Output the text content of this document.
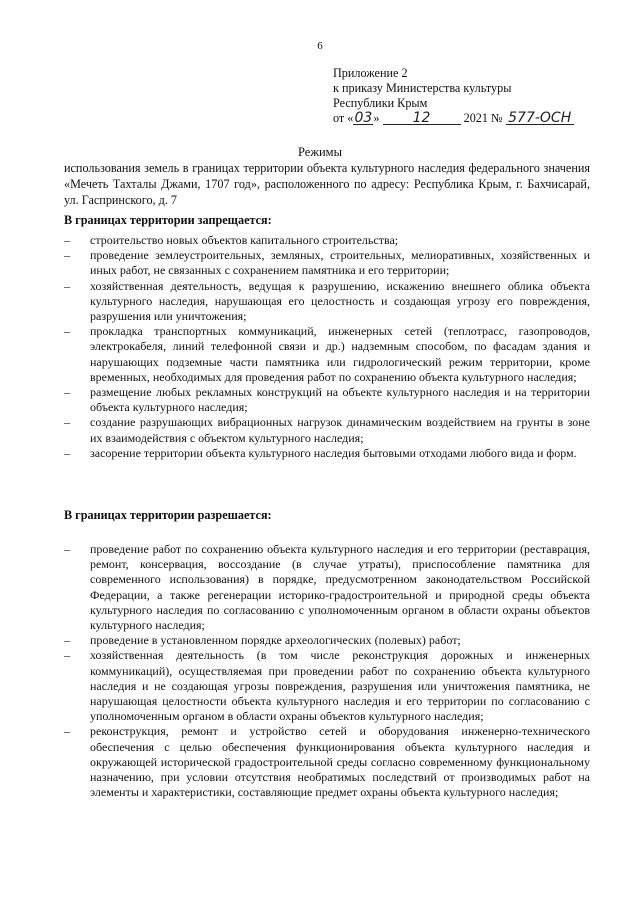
6
Приложение 2
к приказу Министерства культуры
Республики Крым
от «03» 12	2021 № 577-ОСН
Режимы
использования земель в границах территории объекта культурного наследия федерального значения «Мечеть Тахталы Джами, 1707 год», расположенного по адресу: Республика Крым, г. Бахчисарай, ул. Гаспринского, д. 7
В границах территории запрещается:
– строительство новых объектов капитального строительства;
– проведение землеустроительных, земляных, строительных, мелиоративных, хозяйственных и иных работ, не связанных с сохранением памятника и его территории;
– хозяйственная деятельность, ведущая к разрушению, искажению внешнего облика объекта культурного наследия, нарушающая его целостность и создающая угрозу его повреждения, разрушения или уничтожения;
– прокладка транспортных коммуникаций, инженерных сетей (теплотрасс, газопроводов, электрокабеля, линий телефонной связи и др.) надземным способом, по фасадам здания и нарушающих подземные части памятника или гидрологический режим территории, кроме временных, необходимых для проведения работ по сохранению объекта культурного наследия;
– размещение любых рекламных конструкций на объекте культурного наследия и на территории объекта культурного наследия;
– создание разрушающих вибрационных нагрузок динамическим воздействием на грунты в зоне их взаимодействия с объектом культурного наследия;
– засорение территории объекта культурного наследия бытовыми отходами любого вида и форм.
В границах территории разрешается:
– проведение работ по сохранению объекта культурного наследия и его территории (реставрация, ремонт, консервация, воссоздание (в случае утраты), приспособление памятника для современного использования) в порядке, предусмотренном законодательством Российской Федерации, а также регенерации историко-градостроительной и природной среды объекта культурного наследия по согласованию с уполномоченным органом в области охраны объектов культурного наследия;
– проведение в установленном порядке археологических (полевых) работ;
– хозяйственная деятельность (в том числе реконструкция дорожных и инженерных коммуникаций), осуществляемая при проведении работ по сохранению объекта культурного наследия и не создающая угрозы повреждения, разрушения или уничтожения памятника, не нарушающая целостности объекта культурного наследия и его территории по согласованию с уполномоченным органом в области охраны объектов культурного наследия;
– реконструкция, ремонт и устройство сетей и оборудования инженерно-технического обеспечения с целью обеспечения функционирования объекта культурного наследия и окружающей исторической градостроительной среды согласно современному функциональному назначению, при условии отсутствия необратимых последствий от производимых работ на элементы и характеристики, составляющие предмет охраны объекта культурного наследия;
